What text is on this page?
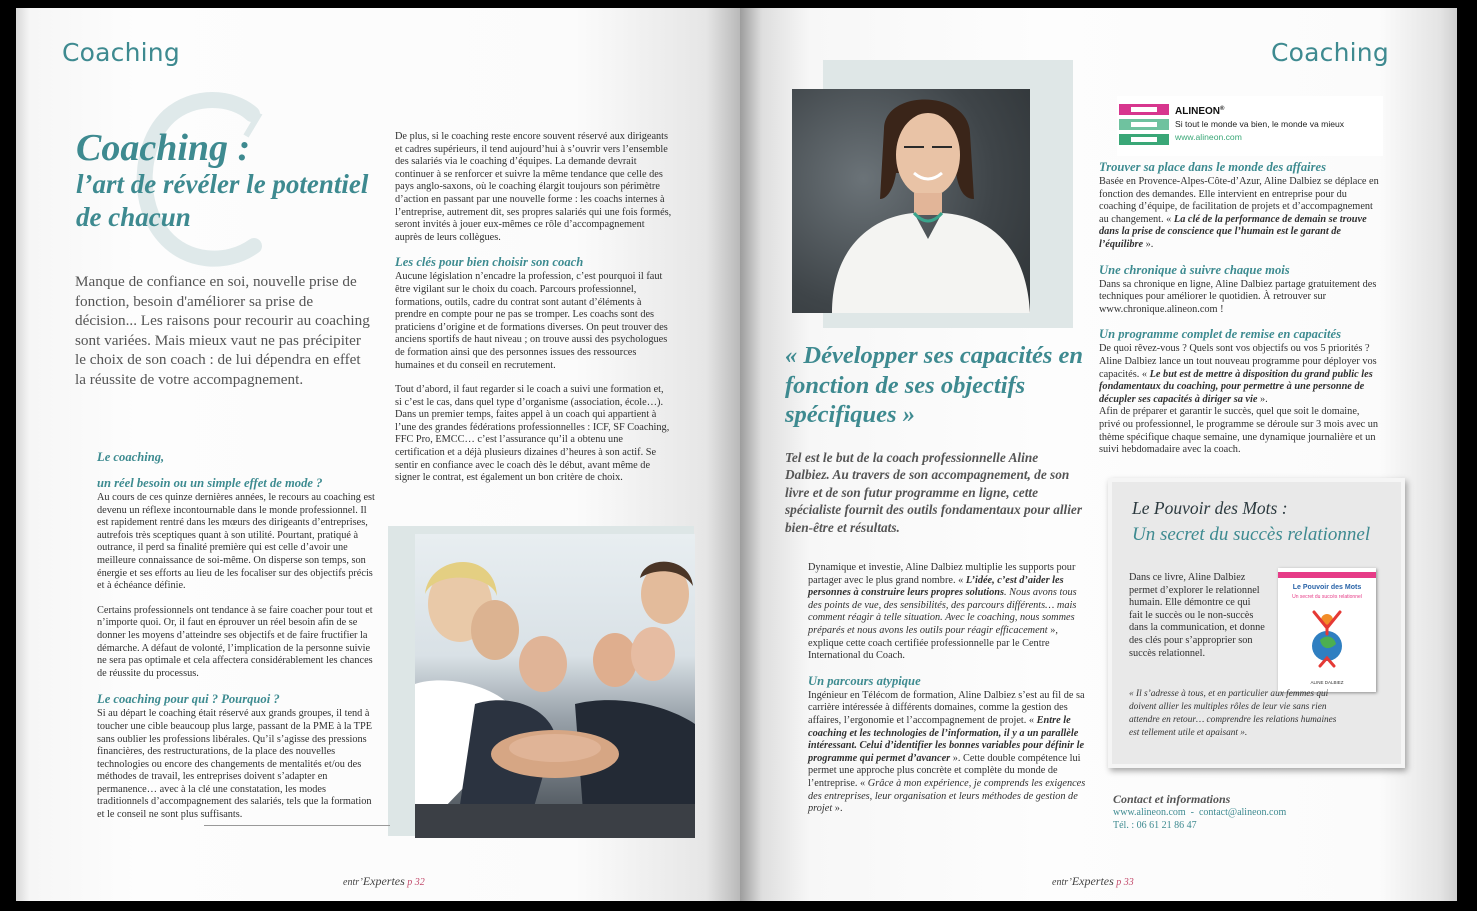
Coaching
Coaching :
l’art de révéler le potentiel
de chacun
Manque de confiance en soi, nouvelle prise de fonction, besoin d'améliorer sa prise de décision... Les raisons pour recourir au coaching sont variées. Mais mieux vaut ne pas précipiter le choix de son coach : de lui dépendra en effet la réussite de votre accompagnement.

Le coaching,

un réel besoin ou un simple effet de mode ?

Au cours de ces quinze dernières années, le recours au coaching est devenu un réflexe incontournable dans le monde professionnel. Il est rapidement rentré dans les mœurs des dirigeants d’entreprises, autrefois très sceptiques quant à son utilité. Pourtant, pratiqué à outrance, il perd sa finalité première qui est celle d’avoir une meilleure connaissance de soi-même. On disperse son temps, son énergie et ses efforts au lieu de les focaliser sur des objectifs précis et à échéance définie.

Certains professionnels ont tendance à se faire coacher pour tout et n’importe quoi. Or, il faut en éprouver un réel besoin afin de se donner les moyens d’atteindre ses objectifs et de faire fructifier la démarche. A défaut de volonté, l’implication de la personne suivie ne sera pas optimale et cela affectera considérablement les chances de réussite du processus.

Le coaching pour qui ? Pourquoi ?

Si au départ le coaching était réservé aux grands groupes, il tend à toucher une cible beaucoup plus large, passant de la PME à la TPE sans oublier les professions libérales. Qu’il s’agisse des pressions financières, des restructurations, de la place des nouvelles technologies ou encore des changements de mentalités et/ou des méthodes de travail, les entreprises doivent s’adapter en permanence… avec à la clé une constatation, les modes traditionnels d’accompagnement des salariés, tels que la formation et le conseil ne sont plus suffisants.

De plus, si le coaching reste encore souvent réservé aux dirigeants et cadres supérieurs, il tend aujourd’hui à s’ouvrir vers l’ensemble des salariés via le coaching d’équipes. La demande devrait continuer à se renforcer et suivre la même tendance que celle des pays anglo-saxons, où le coaching élargit toujours son périmètre d’action en passant par une nouvelle forme : les coachs internes à l’entreprise, autrement dit, ses propres salariés qui une fois formés, seront invités à jouer eux-mêmes ce rôle d’accompagnement auprès de leurs collègues.

Les clés pour bien choisir son coach

Aucune législation n’encadre la profession, c’est pourquoi il faut être vigilant sur le choix du coach. Parcours professionnel, formations, outils, cadre du contrat sont autant d’éléments à prendre en compte pour ne pas se tromper. Les coachs sont des praticiens d’origine et de formations diverses. On peut trouver des anciens sportifs de haut niveau ; on trouve aussi des psychologues de formation ainsi que des personnes issues des ressources humaines et du conseil en recrutement.

Tout d’abord, il faut regarder si le coach a suivi une formation et, si c’est le cas, dans quel type d’organisme (association, école…). Dans un premier temps, faites appel à un coach qui appartient à l’une des grandes fédérations professionnelles : ICF, SF Coaching, FFC Pro, EMCC… c’est l’assurance qu’il a obtenu une certification et a déjà plusieurs dizaines d’heures à son actif. Se sentir en confiance avec le coach dès le début, avant même de signer le contrat, est également un bon critère de choix.

entr’Expertes p 32
Coaching
« Développer ses capacités en fonction de ses objectifs spécifiques »
Tel est le but de la coach professionnelle Aline Dalbiez. Au travers de son accompagnement, de son livre et de son futur programme en ligne, cette spécialiste fournit des outils fondamentaux pour allier bien-être et résultats.

Dynamique et investie, Aline Dalbiez multiplie les supports pour partager avec le plus grand nombre. « L’idée, c’est d’aider les personnes à construire leurs propres solutions. Nous avons tous des points de vue, des sensibilités, des parcours différents… mais comment réagir à telle situation. Avec le coaching, nous sommes préparés et nous avons les outils pour réagir efficacement », explique cette coach certifiée professionnelle par le Centre International du Coach.

Un parcours atypique

Ingénieur en Télécom de formation, Aline Dalbiez s’est au fil de sa carrière intéressée à différents domaines, comme la gestion des affaires, l’ergonomie et l’accompagnement de projet. « Entre le coaching et les technologies de l’information, il y a un parallèle intéressant. Celui d’identifier les bonnes variables pour définir le programme qui permet d’avancer ». Cette double compétence lui permet une approche plus concrète et complète du monde de l’entreprise. « Grâce à mon expérience, je comprends les exigences des entreprises, leur organisation et leurs méthodes de gestion de projet ».

ALINEON®
Si tout le monde va bien, le monde va mieux
www.alineon.com

Trouver sa place dans le monde des affaires

Basée en Provence-Alpes-Côte-d’Azur, Aline Dalbiez se déplace en fonction des demandes. Elle intervient en entreprise pour du coaching d’équipe, de facilitation de projets et d’accompagnement au changement. « La clé de la performance de demain se trouve dans la prise de conscience que l’humain est le garant de l’équilibre ».

Une chronique à suivre chaque mois

Dans sa chronique en ligne, Aline Dalbiez partage gratuitement des techniques pour améliorer le quotidien. À retrouver sur www.chronique.alineon.com !

Un programme complet de remise en capacités

De quoi rêvez-vous ? Quels sont vos objectifs ou vos 5 priorités ? Aline Dalbiez lance un tout nouveau programme pour déployer vos capacités. « Le but est de mettre à disposition du grand public les fondamentaux du coaching, pour permettre à une personne de décupler ses capacités à diriger sa vie ».

Afin de préparer et garantir le succès, quel que soit le domaine, privé ou professionnel, le programme se déroule sur 3 mois avec un thème spécifique chaque semaine, une dynamique journalière et un suivi hebdomadaire avec la coach.

Le Pouvoir des Mots :
Un secret du succès relationnel
Dans ce livre, Aline Dalbiez permet d’explorer le relationnel humain. Elle démontre ce qui fait le succès ou le non-succès dans la communication, et donne des clés pour s’approprier son succès relationnel.
Le Pouvoir des Mots
Un secret du succès relationnel
ALINE DALBIEZ
« Il s’adresse à tous, et en particulier aux femmes qui doivent allier les multiples rôles de leur vie sans rien attendre en retour… comprendre les relations humaines est tellement utile et apaisant ».
Contact et informations
www.alineon.com  -  contact@alineon.com
Tél. : 06 61 21 86 47
entr’Expertes p 33
